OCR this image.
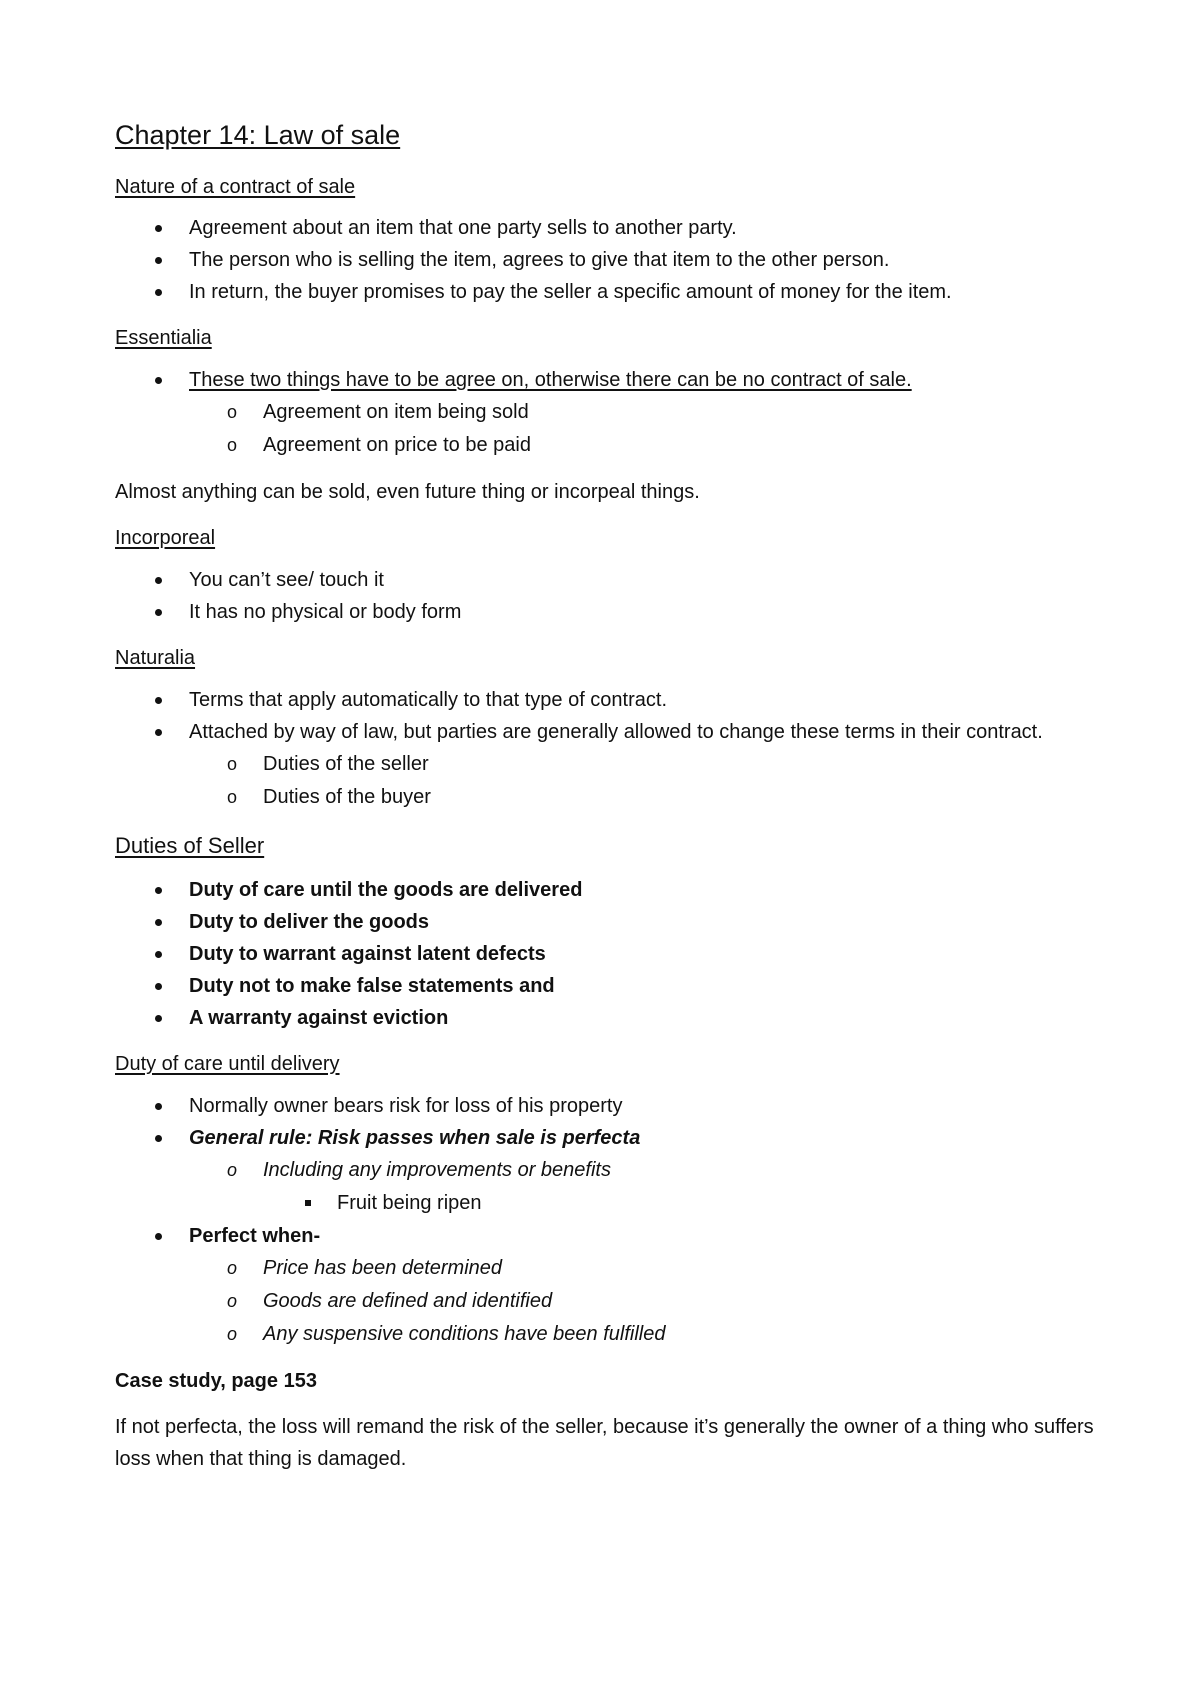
Chapter 14: Law of sale
Nature of a contract of sale
Agreement about an item that one party sells to another party.
The person who is selling the item, agrees to give that item to the other person.
In return, the buyer promises to pay the seller a specific amount of money for the item.
Essentialia
These two things have to be agree on, otherwise there can be no contract of sale.
o Agreement on item being sold
o Agreement on price to be paid
Almost anything can be sold, even future thing or incorpeal things.
Incorporeal
You can’t see/ touch it
It has no physical or body form
Naturalia
Terms that apply automatically to that type of contract.
Attached by way of law, but parties are generally allowed to change these terms in their contract.
o Duties of the seller
o Duties of the buyer
Duties of Seller
Duty of care until the goods are delivered
Duty to deliver the goods
Duty to warrant against latent defects
Duty not to make false statements and
A warranty against eviction
Duty of care until delivery
Normally owner bears risk for loss of his property
General rule: Risk passes when sale is perfecta
o Including any improvements or benefits
Fruit being ripen
Perfect when-
o Price has been determined
o Goods are defined and identified
o Any suspensive conditions have been fulfilled
Case study, page 153
If not perfecta, the loss will remand the risk of the seller, because it’s generally the owner of a thing who suffers loss when that thing is damaged.
